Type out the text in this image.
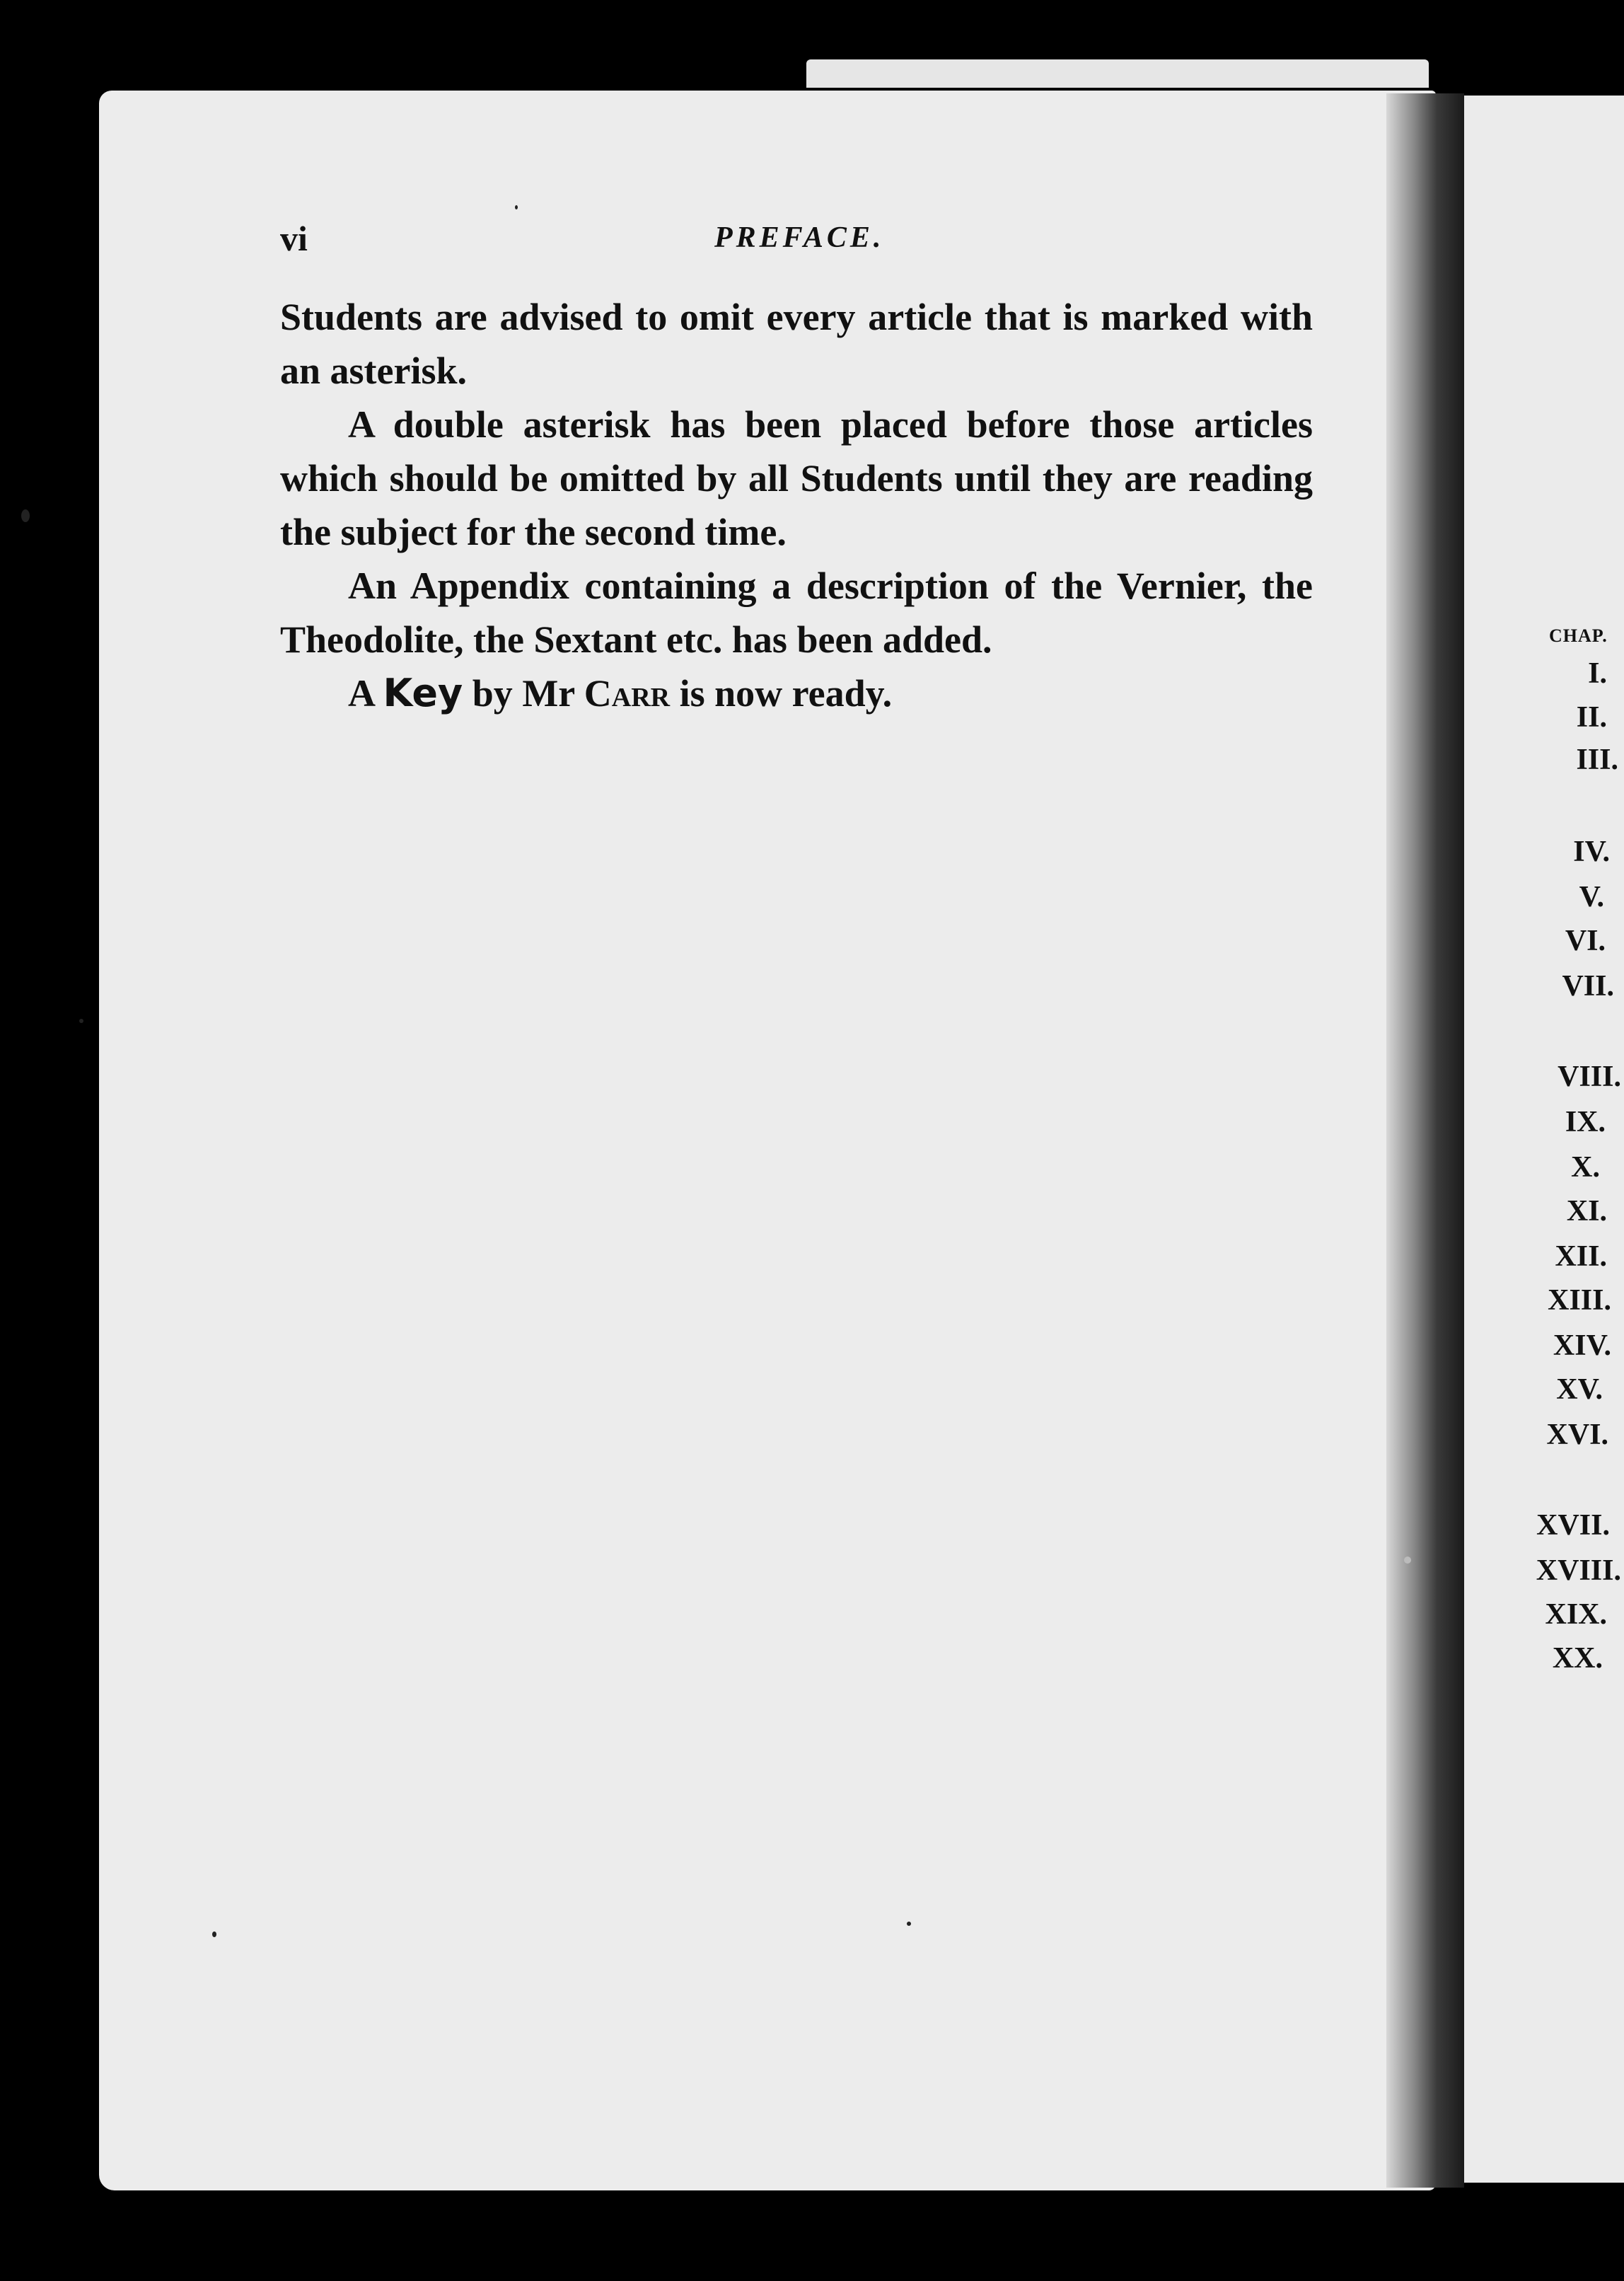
vi	PREFACE.

Students are advised to omit every article that is marked with an asterisk.

A double asterisk has been placed before those articles which should be omitted by all Students until they are reading the subject for the second time.

An Appendix containing a description of the Vernier, the Theodolite, the Sextant etc. has been added.

A Key by Mr Carr is now ready.

CHAP.
I.
II.
III.
IV.
V.
VI.
VII.
VIII.
IX.
X.
XI.
XII.
XIII.
XIV.
XV.
XVI.
XVII.
XVIII.
XIX.
XX.
